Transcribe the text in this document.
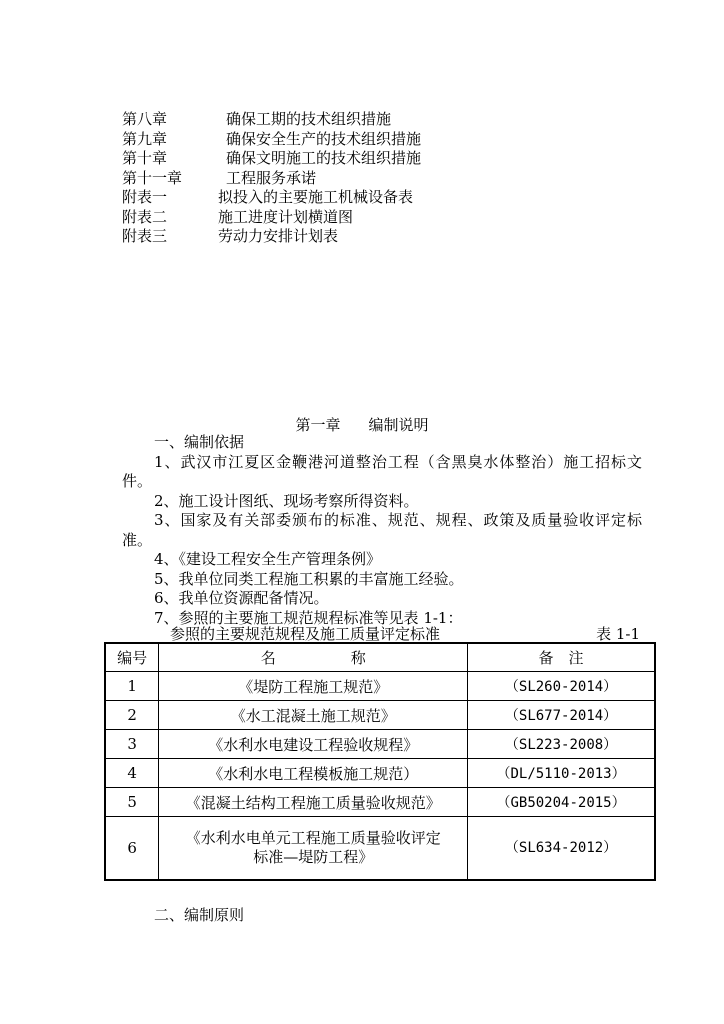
第八章	确保工期的技术组织措施
第九章	确保安全生产的技术组织措施
第十章	确保文明施工的技术组织措施
第十一章	工程服务承诺
附表一	拟投入的主要施工机械设备表
附表二	施工进度计划横道图
附表三	劳动力安排计划表
第一章 编制说明

一、编制依据

1、武汉市江夏区金鞭港河道整治工程（含黑臭水体整治）施工招标文件。

2、施工设计图纸、现场考察所得资料。

3、国家及有关部委颁布的标准、规范、规程、政策及质量验收评定标准。

4、《建设工程安全生产管理条例》

5、我单位同类工程施工积累的丰富施工经验。

6、我单位资源配备情况。

7、参照的主要施工规范规程标准等见表 1-1：

参照的主要规范规程及施工质量评定标准	表 1-1
编号	名　　　　　称	备　注
1	《堤防工程施工规范》	（SL260-2014）
2	《水工混凝土施工规范》	（SL677-2014）
3	《水利水电建设工程验收规程》	（SL223-2008）
4	《水利水电工程模板施工规范）	（DL/5110-2013）
5	《混凝土结构工程施工质量验收规范》	（GB50204-2015）
6	《水利水电单元工程施工质量验收评定
标准—堤防工程》	（SL634-2012）
二、编制原则
